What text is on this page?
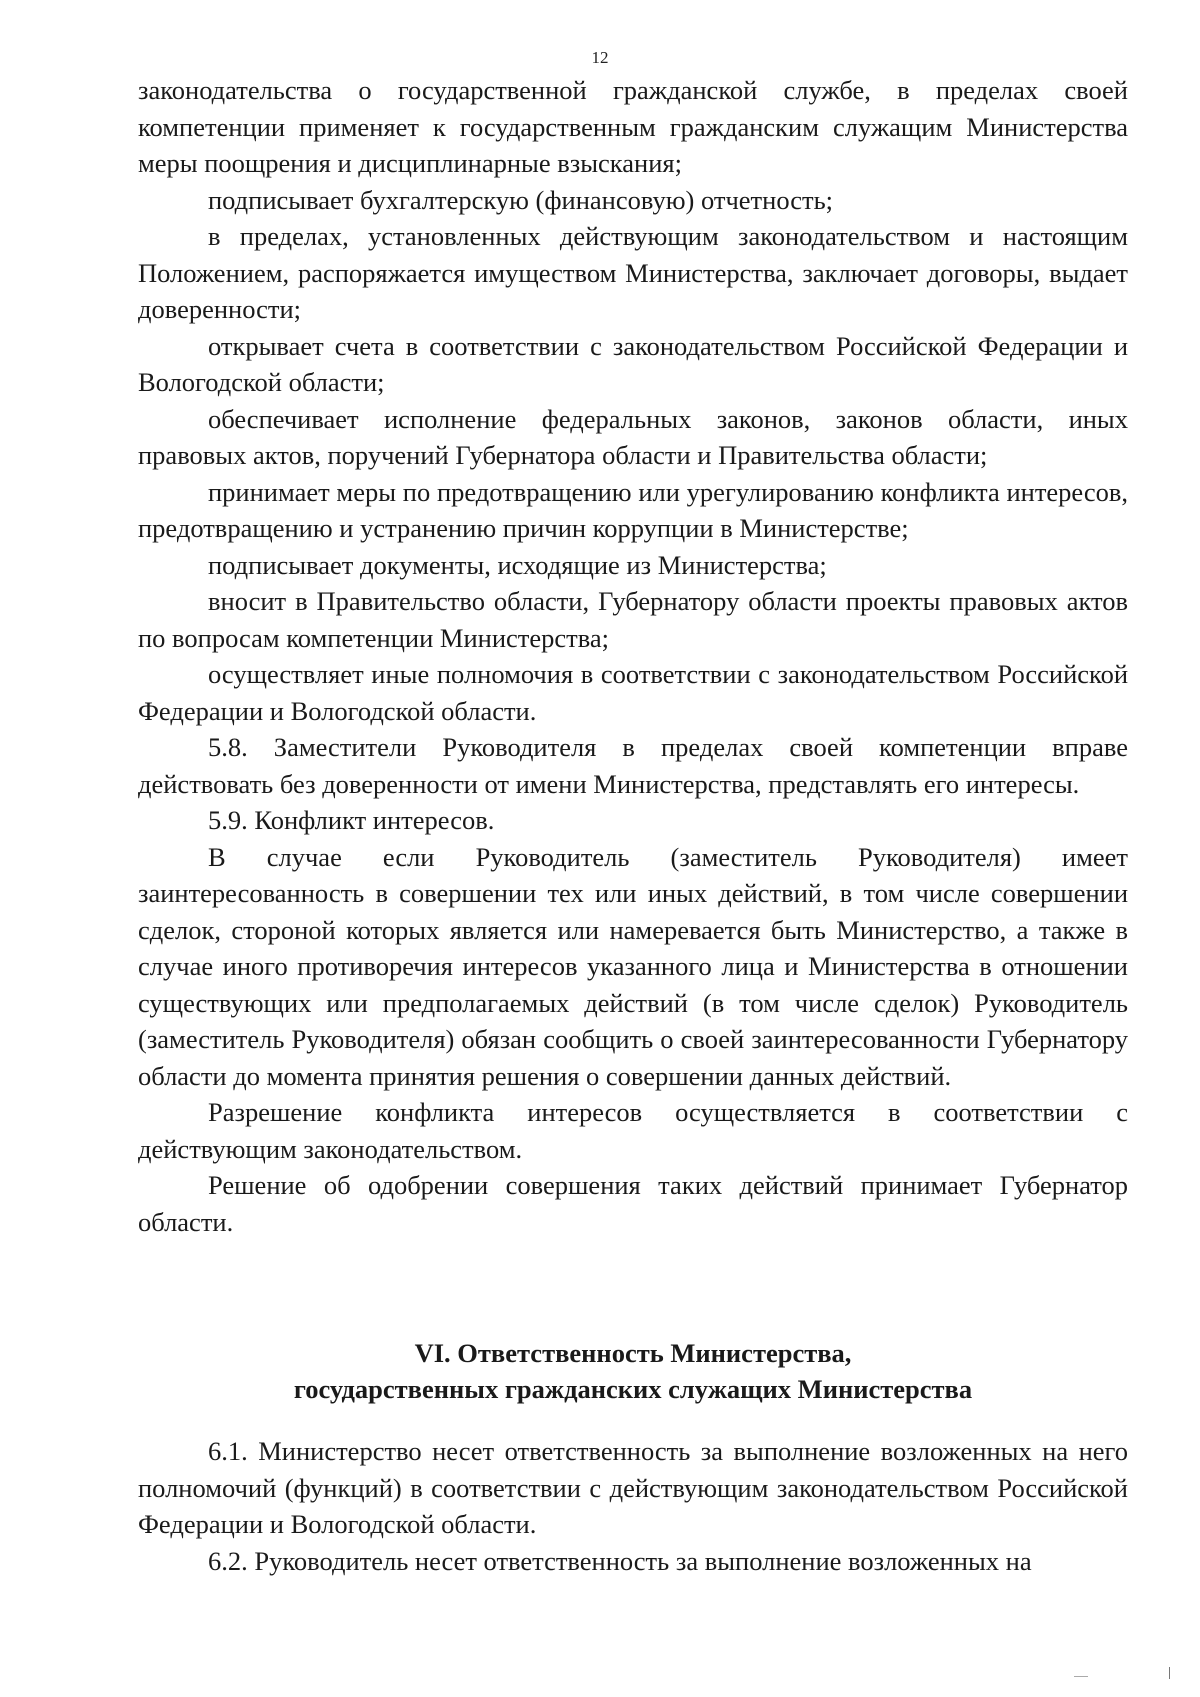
12

законодательства о государственной гражданской службе, в пределах своей компетенции применяет к государственным гражданским служащим Министерства меры поощрения и дисциплинарные взыскания;

подписывает бухгалтерскую (финансовую) отчетность;

в пределах, установленных действующим законодательством и настоящим Положением, распоряжается имуществом Министерства, заключает договоры, выдает доверенности;

открывает счета в соответствии с законодательством Российской Федерации и Вологодской области;

обеспечивает исполнение федеральных законов, законов области, иных правовых актов, поручений Губернатора области и Правительства области;

принимает меры по предотвращению или урегулированию конфликта интересов, предотвращению и устранению причин коррупции в Министерстве;

подписывает документы, исходящие из Министерства;

вносит в Правительство области, Губернатору области проекты правовых актов по вопросам компетенции Министерства;

осуществляет иные полномочия в соответствии с законодательством Российской Федерации и Вологодской области.

5.8. Заместители Руководителя в пределах своей компетенции вправе действовать без доверенности от имени Министерства, представлять его интересы.

5.9. Конфликт интересов.

В случае если Руководитель (заместитель Руководителя) имеет заинтересованность в совершении тех или иных действий, в том числе совершении сделок, стороной которых является или намеревается быть Министерство, а также в случае иного противоречия интересов указанного лица и Министерства в отношении существующих или предполагаемых действий (в том числе сделок) Руководитель (заместитель Руководителя) обязан сообщить о своей заинтересованности Губернатору области до момента принятия решения о совершении данных действий.

Разрешение конфликта интересов осуществляется в соответствии с действующим законодательством.

Решение об одобрении совершения таких действий принимает Губернатор области.

VI. Ответственность Министерства,
государственных гражданских служащих Министерства

6.1. Министерство несет ответственность за выполнение возложенных на него полномочий (функций) в соответствии с действующим законодательством Российской Федерации и Вологодской области.

6.2. Руководитель несет ответственность за выполнение возложенных на
